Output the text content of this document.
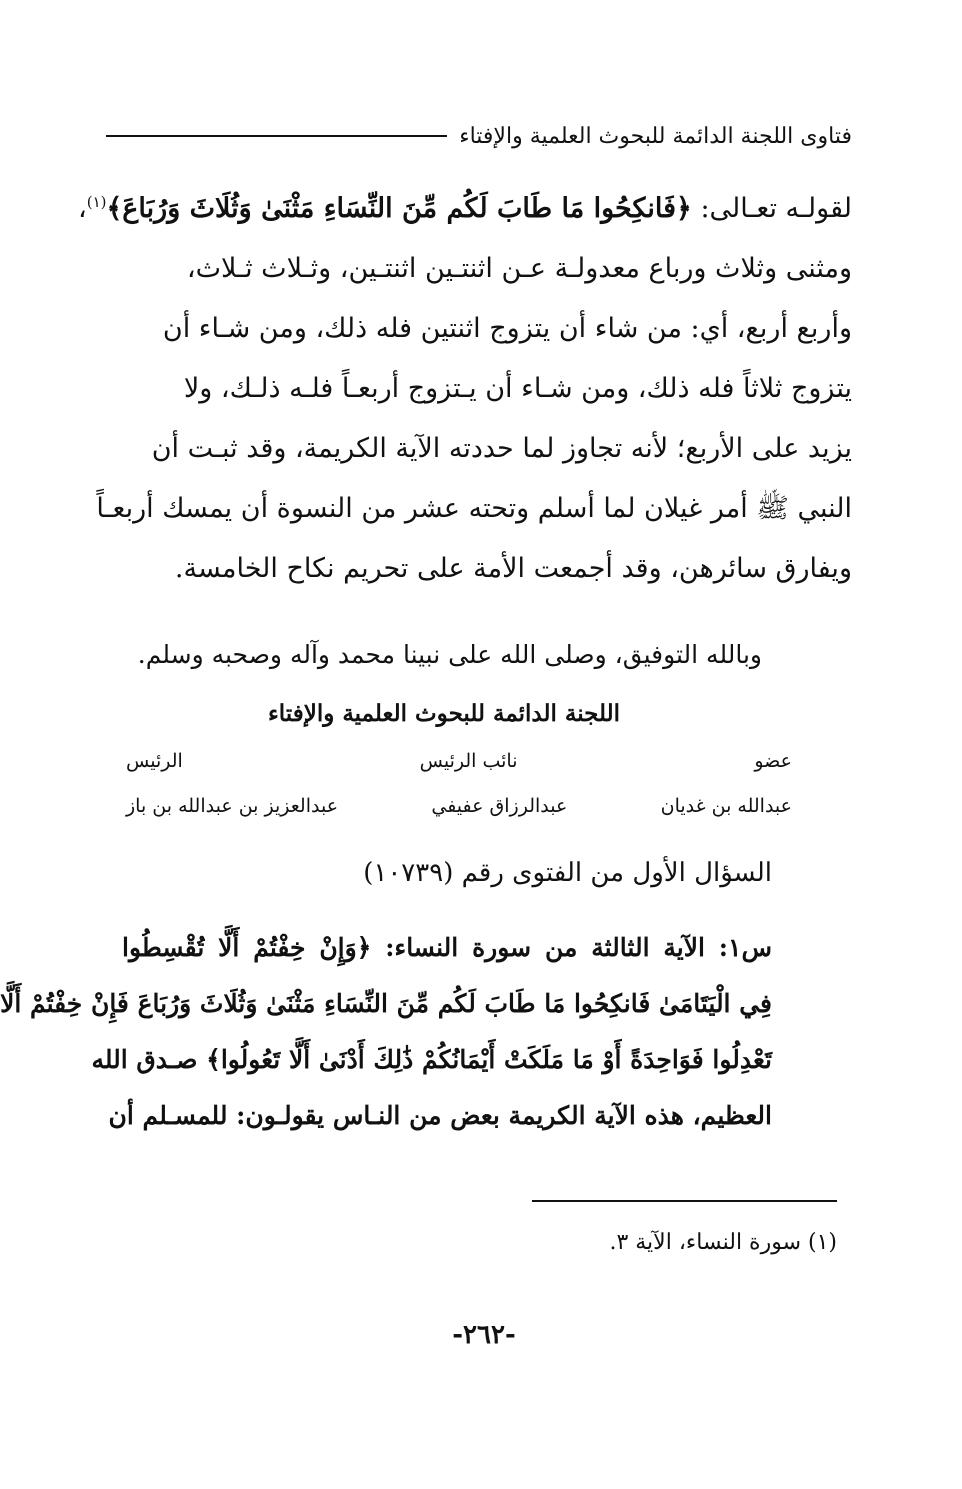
فتاوى اللجنة الدائمة للبحوث العلمية والإفتاء

لقولـه تعـالى: ﴿فَانكِحُوا مَا طَابَ لَكُم مِّنَ النِّسَاءِ مَثْنَىٰ وَثُلَاثَ وَرُبَاعَ﴾$^{(١)}$،

ومثنى وثلاث ورباع معدولـة عـن اثنتـين اثنتـين، وثـلاث ثـلاث،

وأربع أربع، أي: من شاء أن يتزوج اثنتين فله ذلك، ومن شـاء أن

يتزوج ثلاثاً فله ذلك، ومن شـاء أن يـتزوج أربعـاً فلـه ذلـك، ولا

يزيد على الأربع؛ لأنه تجاوز لما حددته الآية الكريمة، وقد ثبـت أن

النبي ﷺ أمر غيلان لما أسلم وتحته عشر من النسوة أن يمسك أربعـاً

ويفارق سائرهن، وقد أجمعت الأمة على تحريم نكاح الخامسة.

وبالله التوفيق، وصلى الله على نبينا محمد وآله وصحبه وسلم.
اللجنة الدائمة للبحوث العلمية والإفتاء
عضو
نائب الرئيس
الرئيس
عبدالله بن غديان
عبدالرزاق عفيفي
عبدالعزيز بن عبدالله بن باز
السؤال الأول من الفتوى رقم (١٠٧٣٩)

س١: الآية الثالثة من سورة النساء: ﴿وَإِنْ خِفْتُمْ أَلَّا تُقْسِطُوا

فِي الْيَتَامَىٰ فَانكِحُوا مَا طَابَ لَكُم مِّنَ النِّسَاءِ مَثْنَىٰ وَثُلَاثَ وَرُبَاعَ فَإِنْ خِفْتُمْ أَلَّا

تَعْدِلُوا فَوَاحِدَةً أَوْ مَا مَلَكَتْ أَيْمَانُكُمْ ذَٰلِكَ أَدْنَىٰ أَلَّا تَعُولُوا﴾ صـدق الله

العظيم، هذه الآية الكريمة بعض من النـاس يقولـون: للمسـلم أن

(١) سورة النساء، الآية ٣.
-٢٦٢-
